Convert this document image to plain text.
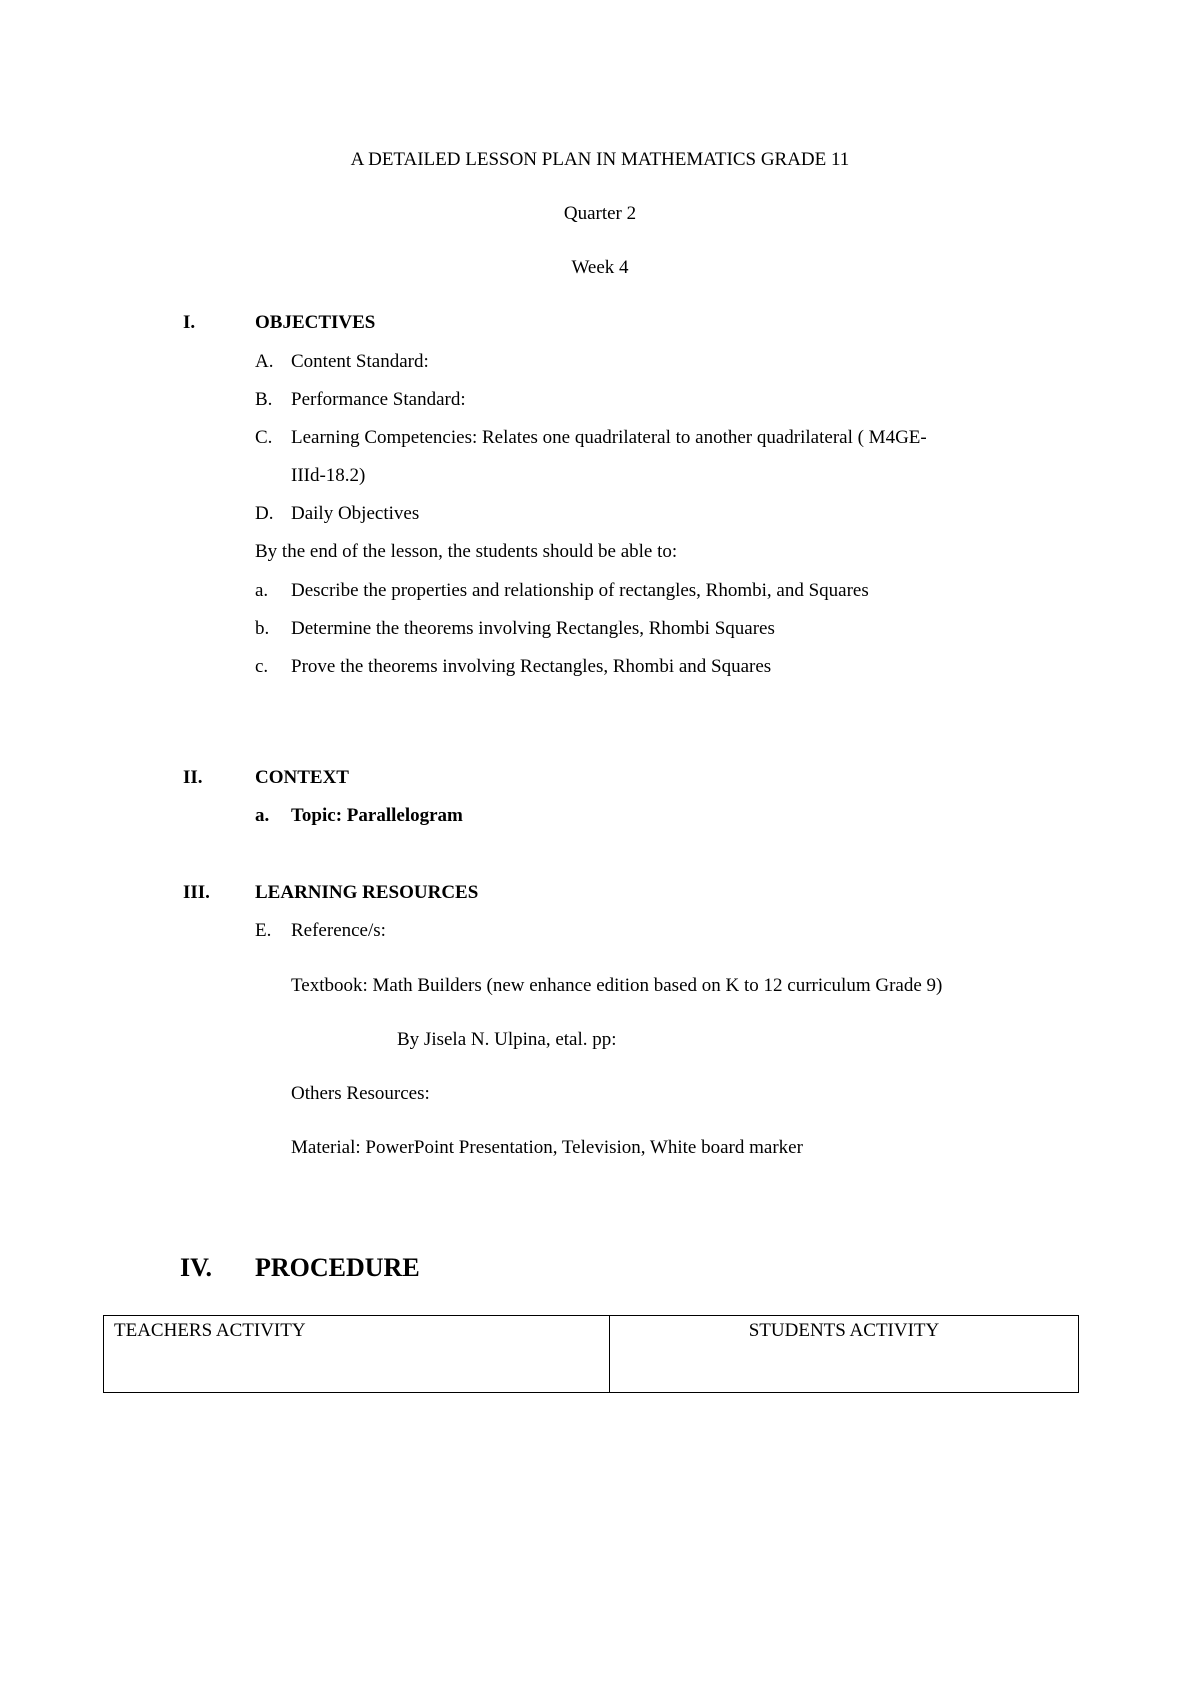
A DETAILED LESSON PLAN IN MATHEMATICS GRADE 11
Quarter 2
Week 4
I.	OBJECTIVES
A. Content Standard:
B. Performance Standard:
C. Learning Competencies: Relates one quadrilateral to another quadrilateral ( M4GE-
IIId-18.2)
D. Daily Objectives
By the end of the lesson, the students should be able to:
a. Describe the properties and relationship of rectangles, Rhombi, and Squares
b. Determine the theorems involving Rectangles, Rhombi Squares
c. Prove the theorems involving Rectangles, Rhombi and Squares
II.	CONTEXT
a. Topic: Parallelogram
III. LEARNING RESOURCES
E. Reference/s:
Textbook: Math Builders (new enhance edition based on K to 12 curriculum Grade 9)
By Jisela N. Ulpina, etal. pp:
Others Resources:
Material: PowerPoint Presentation, Television, White board marker
IV. PROCEDURE
TEACHERS ACTIVITY	STUDENTS ACTIVITY
